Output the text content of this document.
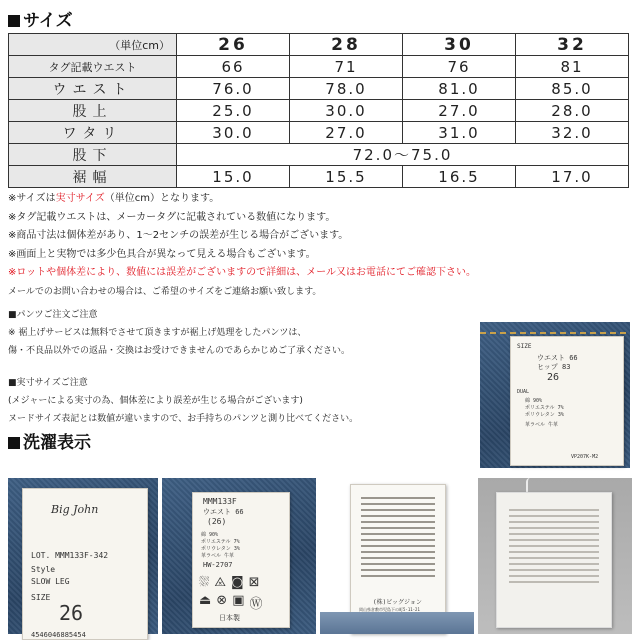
サイズ
（単位cm）	26	28	30	32
タグ記載ウエスト	66	71	76	81
ウエスト	76.0	78.0	81.0	85.0
股上	25.0	30.0	27.0	28.0
ワタリ	30.0	27.0	31.0	32.0
股下	72.0〜75.0			
裾幅	15.0	15.5	16.5	17.0
※サイズは実寸サイズ（単位cm）となります。
※タグ記載ウエストは、メーカータグに記載されている数値になります。
※商品寸法は個体差があり、1〜2センチの誤差が生じる場合がございます。
※画面上と実物では多少色具合が異なって見える場合もございます。
※ロットや個体差により、数値には誤差がございますので詳細は、メール又はお電話にてご確認下さい。
メールでのお問い合わせの場合は、ご希望のサイズをご連絡お願い致します。
■パンツご注文ご注意
※ 裾上げサービスは無料でさせて頂きますが裾上げ処理をしたパンツは、
傷・不良品以外での返品・交換はお受けできませんのであらかじめご了承ください。
■実寸サイズご注意
(メジャーによる実寸の為、個体差により誤差が生じる場合がございます)
ヌードサイズ表記とは数値が違いますので、お手持ちのパンツと測り比べてください。
洗濯表示
SIZE
ウエスト 66
ヒップ 83
26
DUAL
綿 90%
ポリエステル 7%
ポリウレタン 3%
革ラベル 牛革
VP207K-M2
Big John
LOT. MMM133F-342
Style
SLOW LEG
SIZE
26
4546046885454
MMM133F
ウエスト 66
(26)
綿 90%
ポリエステル 7%
ポリウレタン 3%
革ラベル 牛革
HW-2707
⛆ ⨻ ◙ ⊠
⏏ ⊗ ▣ Ⓦ
日本製
(株)ビッグジョン
岡山県倉敷市児島下の町5-11-21
